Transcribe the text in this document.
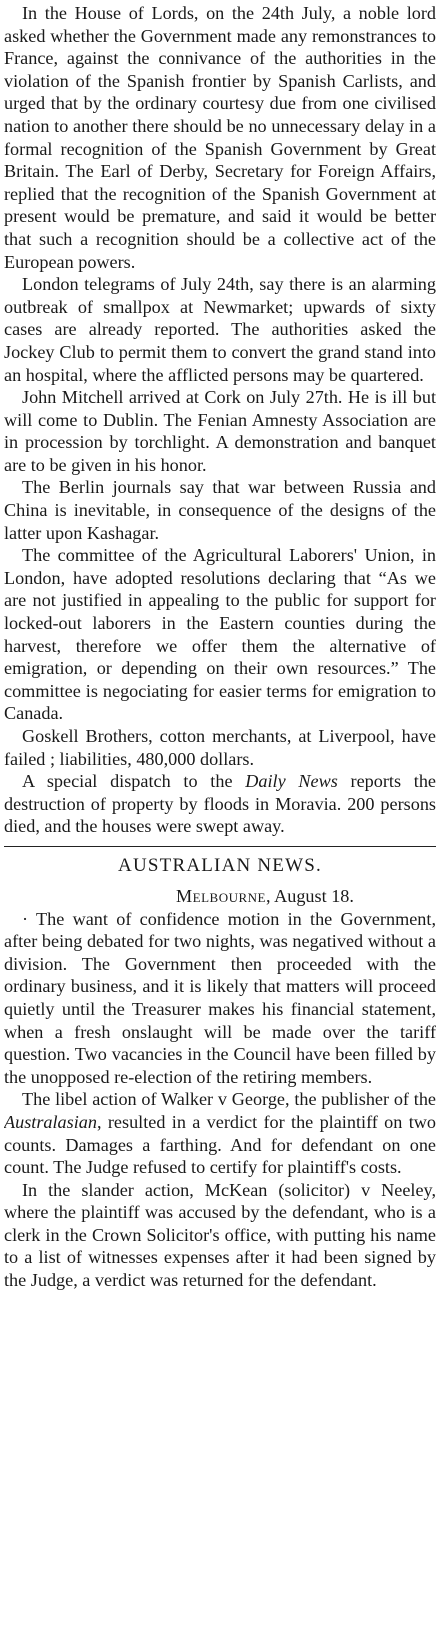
In the House of Lords, on the 24th July, a noble lord asked whether the Government made any remonstrances to France, against the connivance of the authorities in the violation of the Spanish frontier by Spanish Carlists, and urged that by the ordinary courtesy due from one civilised nation to another there should be no unnecessary delay in a formal recognition of the Spanish Government by Great Britain. The Earl of Derby, Secretary for Foreign Affairs, replied that the recognition of the Spanish Government at present would be premature, and said it would be better that such a recognition should be a collective act of the European powers.

London telegrams of July 24th, say there is an alarming outbreak of smallpox at Newmarket; upwards of sixty cases are already reported. The authorities asked the Jockey Club to permit them to convert the grand stand into an hospital, where the afflicted persons may be quartered.

John Mitchell arrived at Cork on July 27th. He is ill but will come to Dublin. The Fenian Amnesty Association are in procession by torchlight. A demonstration and banquet are to be given in his honor.

The Berlin journals say that war between Russia and China is inevitable, in consequence of the designs of the latter upon Kashagar.

The committee of the Agricultural Laborers' Union, in London, have adopted resolutions declaring that “As we are not justified in appealing to the public for support for locked-out laborers in the Eastern counties during the harvest, therefore we offer them the alternative of emigration, or depending on their own resources.” The committee is negociating for easier terms for emigration to Canada.

Goskell Brothers, cotton merchants, at Liverpool, have failed ; liabilities, 480,000 dollars.

A special dispatch to the Daily News reports the destruction of property by floods in Moravia. 200 persons died, and the houses were swept away.

AUSTRALIAN NEWS.

Melbourne, August 18.

· The want of confidence motion in the Government, after being debated for two nights, was negatived without a division. The Government then proceeded with the ordinary business, and it is likely that matters will proceed quietly until the Treasurer makes his financial statement, when a fresh onslaught will be made over the tariff question. Two vacancies in the Council have been filled by the unopposed re-election of the retiring members.

The libel action of Walker v George, the publisher of the Australasian, resulted in a verdict for the plaintiff on two counts. Damages a farthing. And for defendant on one count. The Judge refused to certify for plaintiff's costs.

In the slander action, McKean (solicitor) v Neeley, where the plaintiff was accused by the defendant, who is a clerk in the Crown Solicitor's office, with putting his name to a list of witnesses expenses after it had been signed by the Judge, a verdict was returned for the defendant.
